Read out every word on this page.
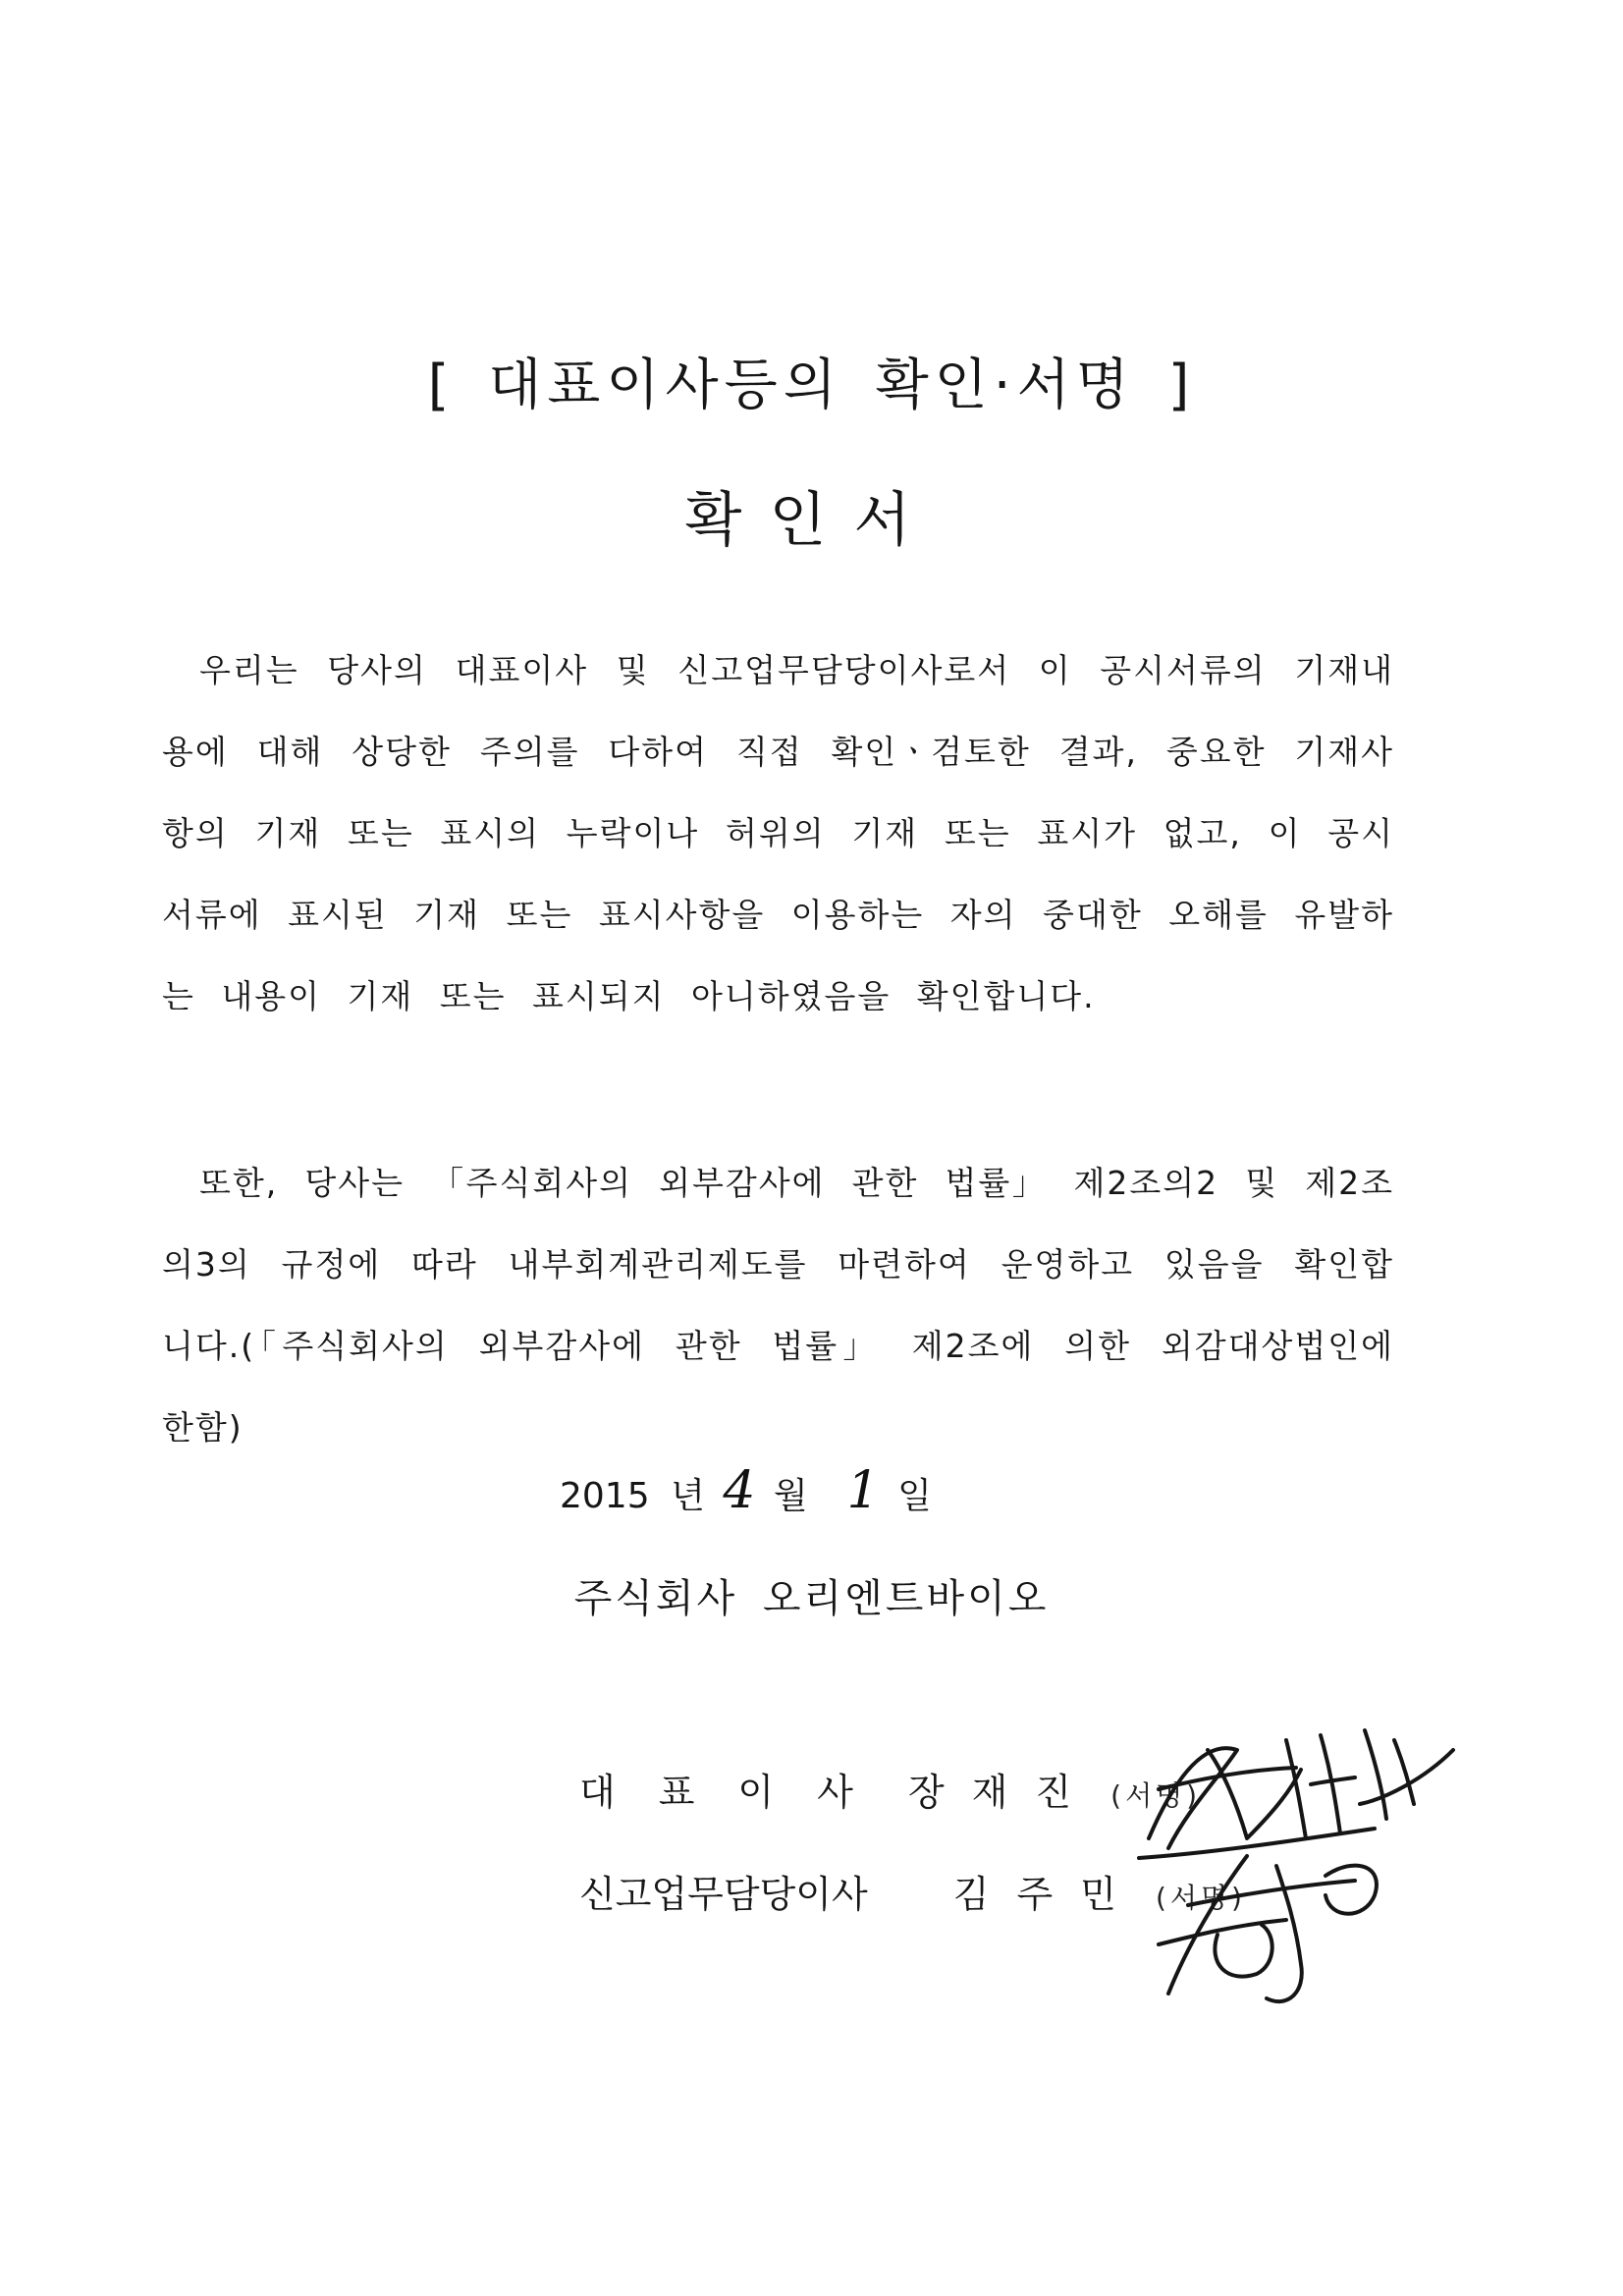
[ 대표이사등의 확인·서명 ]
확인서

우리는 당사의 대표이사 및 신고업무담당이사로서 이 공시서류의 기재내용에 대해 상당한 주의를 다하여 직접 확인ㆍ검토한 결과, 중요한 기재사항의 기재 또는 표시의 누락이나 허위의 기재 또는 표시가 없고, 이 공시서류에 표시된 기재 또는 표시사항을 이용하는 자의 중대한 오해를 유발하는 내용이 기재 또는 표시되지 아니하였음을 확인합니다.

또한, 당사는 「주식회사의 외부감사에 관한 법률」 제2조의2 및 제2조의3의 규정에 따라 내부회계관리제도를 마련하여 운영하고 있음을 확인합니다.(「주식회사의 외부감사에 관한 법률」 제2조에 의한 외감대상법인에 한함)

2015 년 4 월 1 일
주식회사 오리엔트바이오
대표이사 장재진 (서명)
신고업무담당이사 김주민 (서명)
